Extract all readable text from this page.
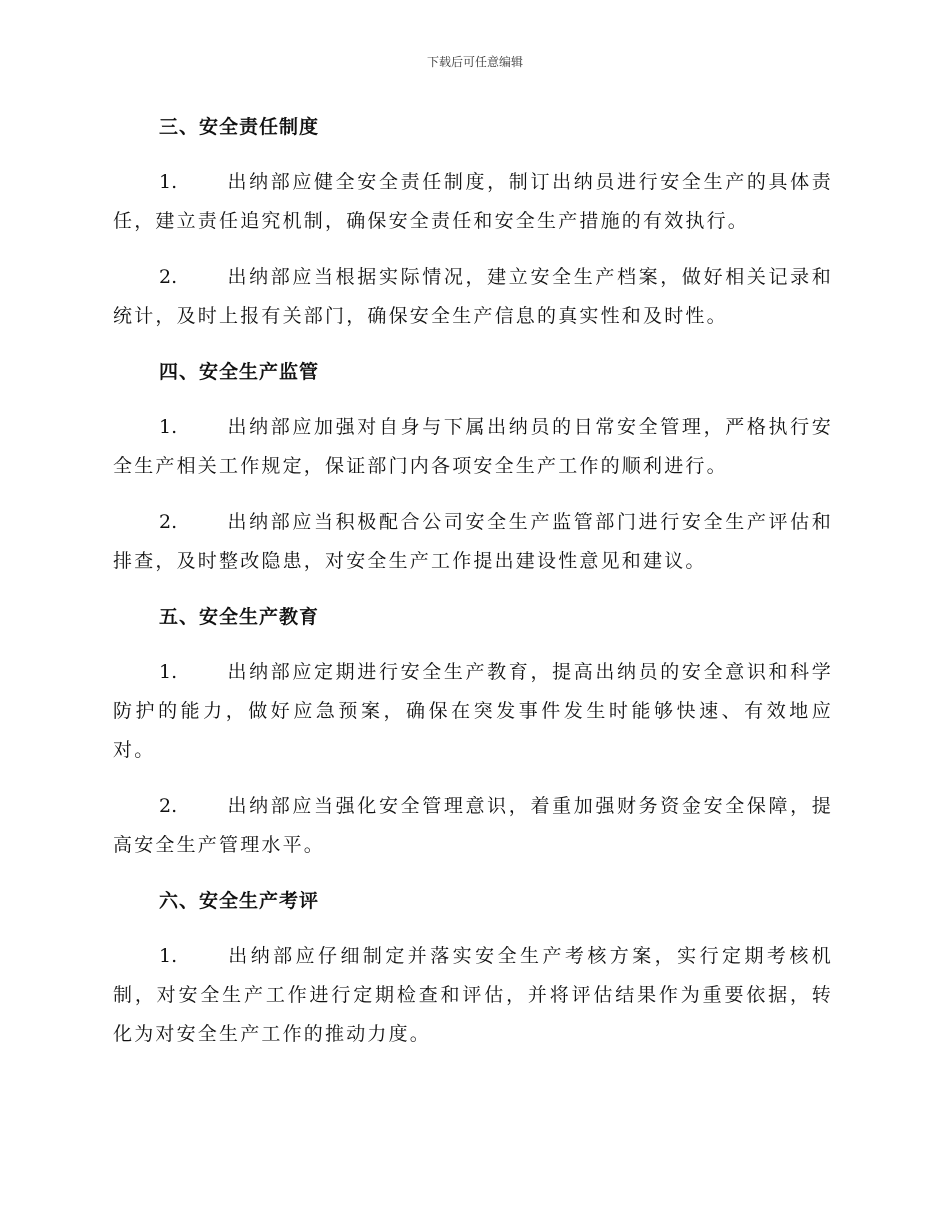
下载后可任意编辑
三、安全责任制度

1.	出纳部应健全安全责任制度，制订出纳员进行安全生产的具体责任，建立责任追究机制，确保安全责任和安全生产措施的有效执行。

2.	出纳部应当根据实际情况，建立安全生产档案，做好相关记录和统计，及时上报有关部门，确保安全生产信息的真实性和及时性。

四、安全生产监管

1.	出纳部应加强对自身与下属出纳员的日常安全管理，严格执行安全生产相关工作规定，保证部门内各项安全生产工作的顺利进行。

2.	出纳部应当积极配合公司安全生产监管部门进行安全生产评估和排查，及时整改隐患，对安全生产工作提出建设性意见和建议。

五、安全生产教育

1.	出纳部应定期进行安全生产教育，提高出纳员的安全意识和科学防护的能力，做好应急预案，确保在突发事件发生时能够快速、有效地应对。

2.	出纳部应当强化安全管理意识，着重加强财务资金安全保障，提高安全生产管理水平。

六、安全生产考评

1.	出纳部应仔细制定并落实安全生产考核方案，实行定期考核机制，对安全生产工作进行定期检查和评估，并将评估结果作为重要依据，转化为对安全生产工作的推动力度。
